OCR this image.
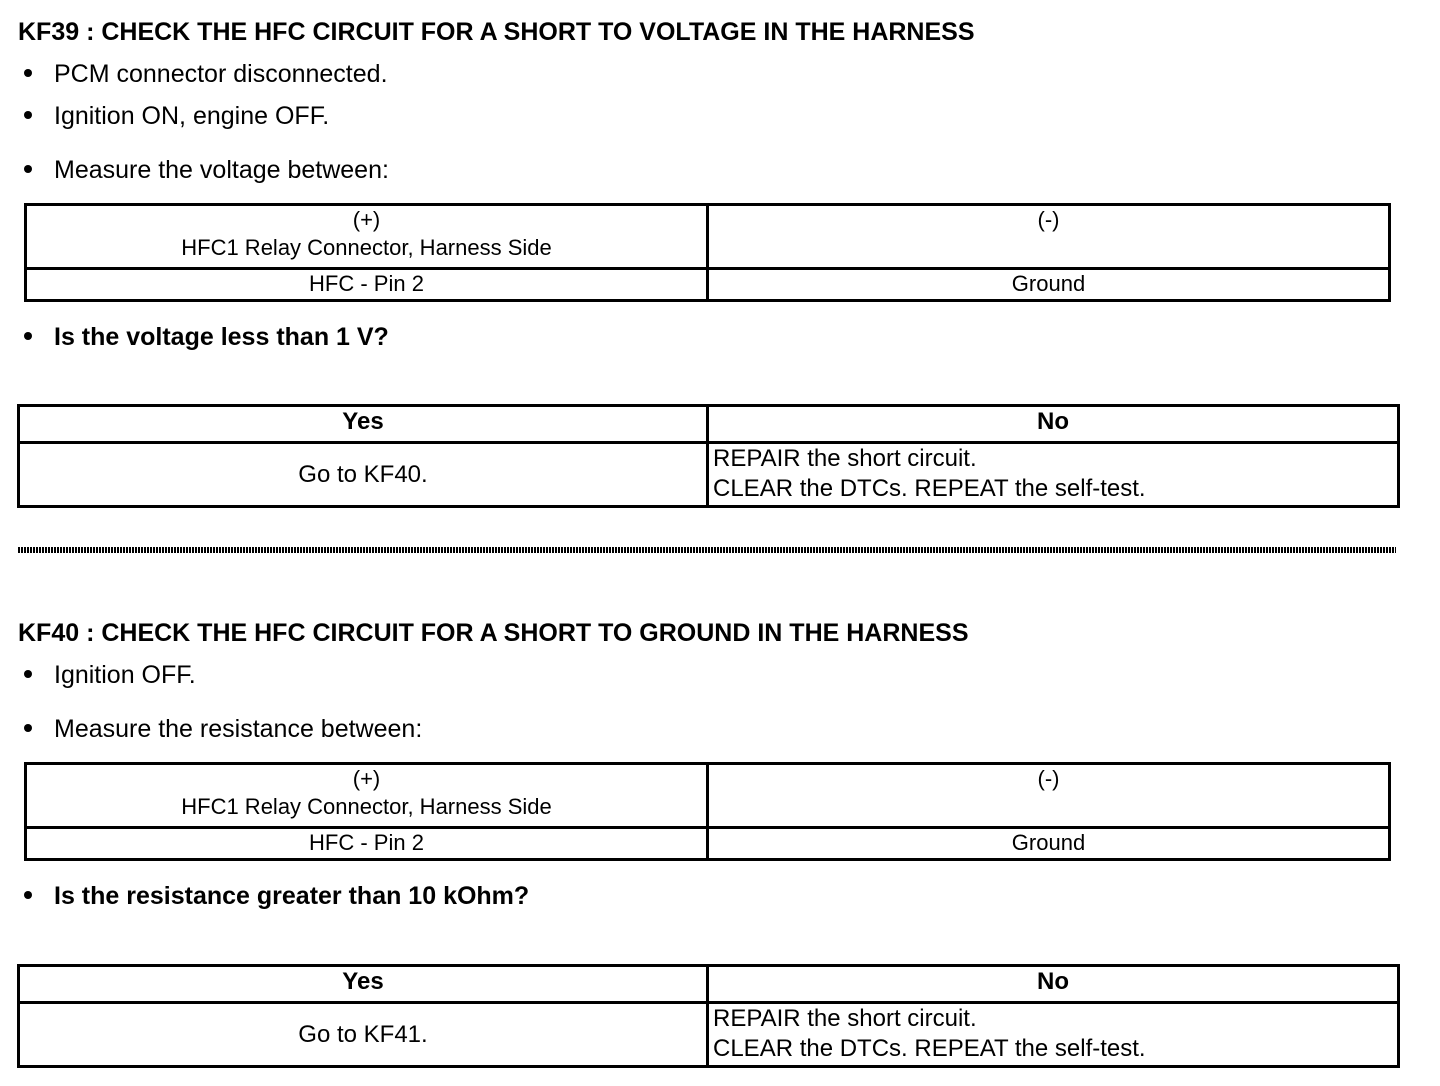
KF39 : CHECK THE HFC CIRCUIT FOR A SHORT TO VOLTAGE IN THE HARNESS
PCM connector disconnected.
Ignition ON, engine OFF.
Measure the voltage between:
(+)
HFC1 Relay Connector, Harness Side	(-)

HFC - Pin 2	Ground
Is the voltage less than 1 V?
Yes	No
Go to KF40.	REPAIR the short circuit.
CLEAR the DTCs. REPEAT the self-test.
KF40 : CHECK THE HFC CIRCUIT FOR A SHORT TO GROUND IN THE HARNESS
Ignition OFF.
Measure the resistance between:
(+)
HFC1 Relay Connector, Harness Side	(-)

HFC - Pin 2	Ground
Is the resistance greater than 10 kOhm?
Yes	No
Go to KF41.	REPAIR the short circuit.
CLEAR the DTCs. REPEAT the self-test.
